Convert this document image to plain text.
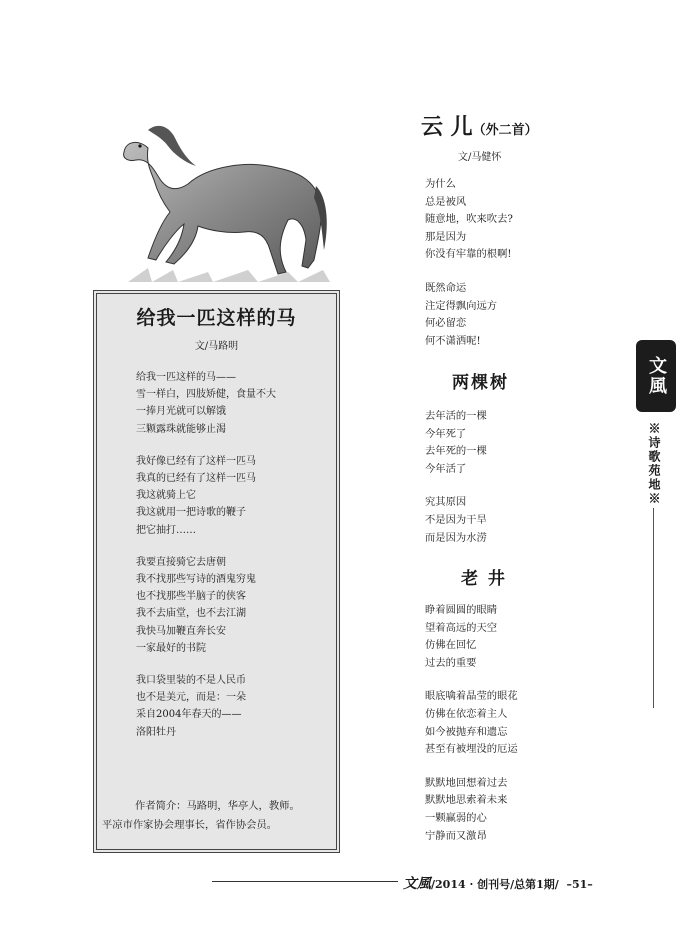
给我一匹这样的马
文/马路明
给我一匹这样的马——
雪一样白，四肢矫健，食量不大
一捧月光就可以解饿
三颗露珠就能够止渴
我好像已经有了这样一匹马
我真的已经有了这样一匹马
我这就骑上它
我这就用一把诗歌的鞭子
把它抽打……
我要直接骑它去唐朝
我不找那些写诗的酒鬼穷鬼
也不找那些半脑子的侠客
我不去庙堂，也不去江湖
我快马加鞭直奔长安
一家最好的书院
我口袋里装的不是人民币
也不是美元，而是：一朵
采自2004年春天的——
洛阳牡丹
作者简介：马路明，华亭人，教师。
平凉市作家协会理事长，省作协会员。
云 儿（外二首）
文/马健怀
为什么
总是被风
随意地，吹来吹去?
那是因为
你没有牢靠的根啊!
既然命运
注定得飘向远方
何必留恋
何不潇洒呢!
两棵树
去年活的一棵
今年死了
去年死的一棵
今年活了
究其原因
不是因为干旱
而是因为水涝
老 井
睁着圆圆的眼睛
望着高远的天空
仿佛在回忆
过去的重要
眼底噙着晶莹的眼花
仿佛在依恋着主人
如今被抛弃和遗忘
甚至有被埋没的厄运
默默地回想着过去
默默地思索着未来
一颗赢弱的心
宁静而又激昂
文風
※诗歌苑地※
文風/2014 · 创刊号/总第1期/ –51–
